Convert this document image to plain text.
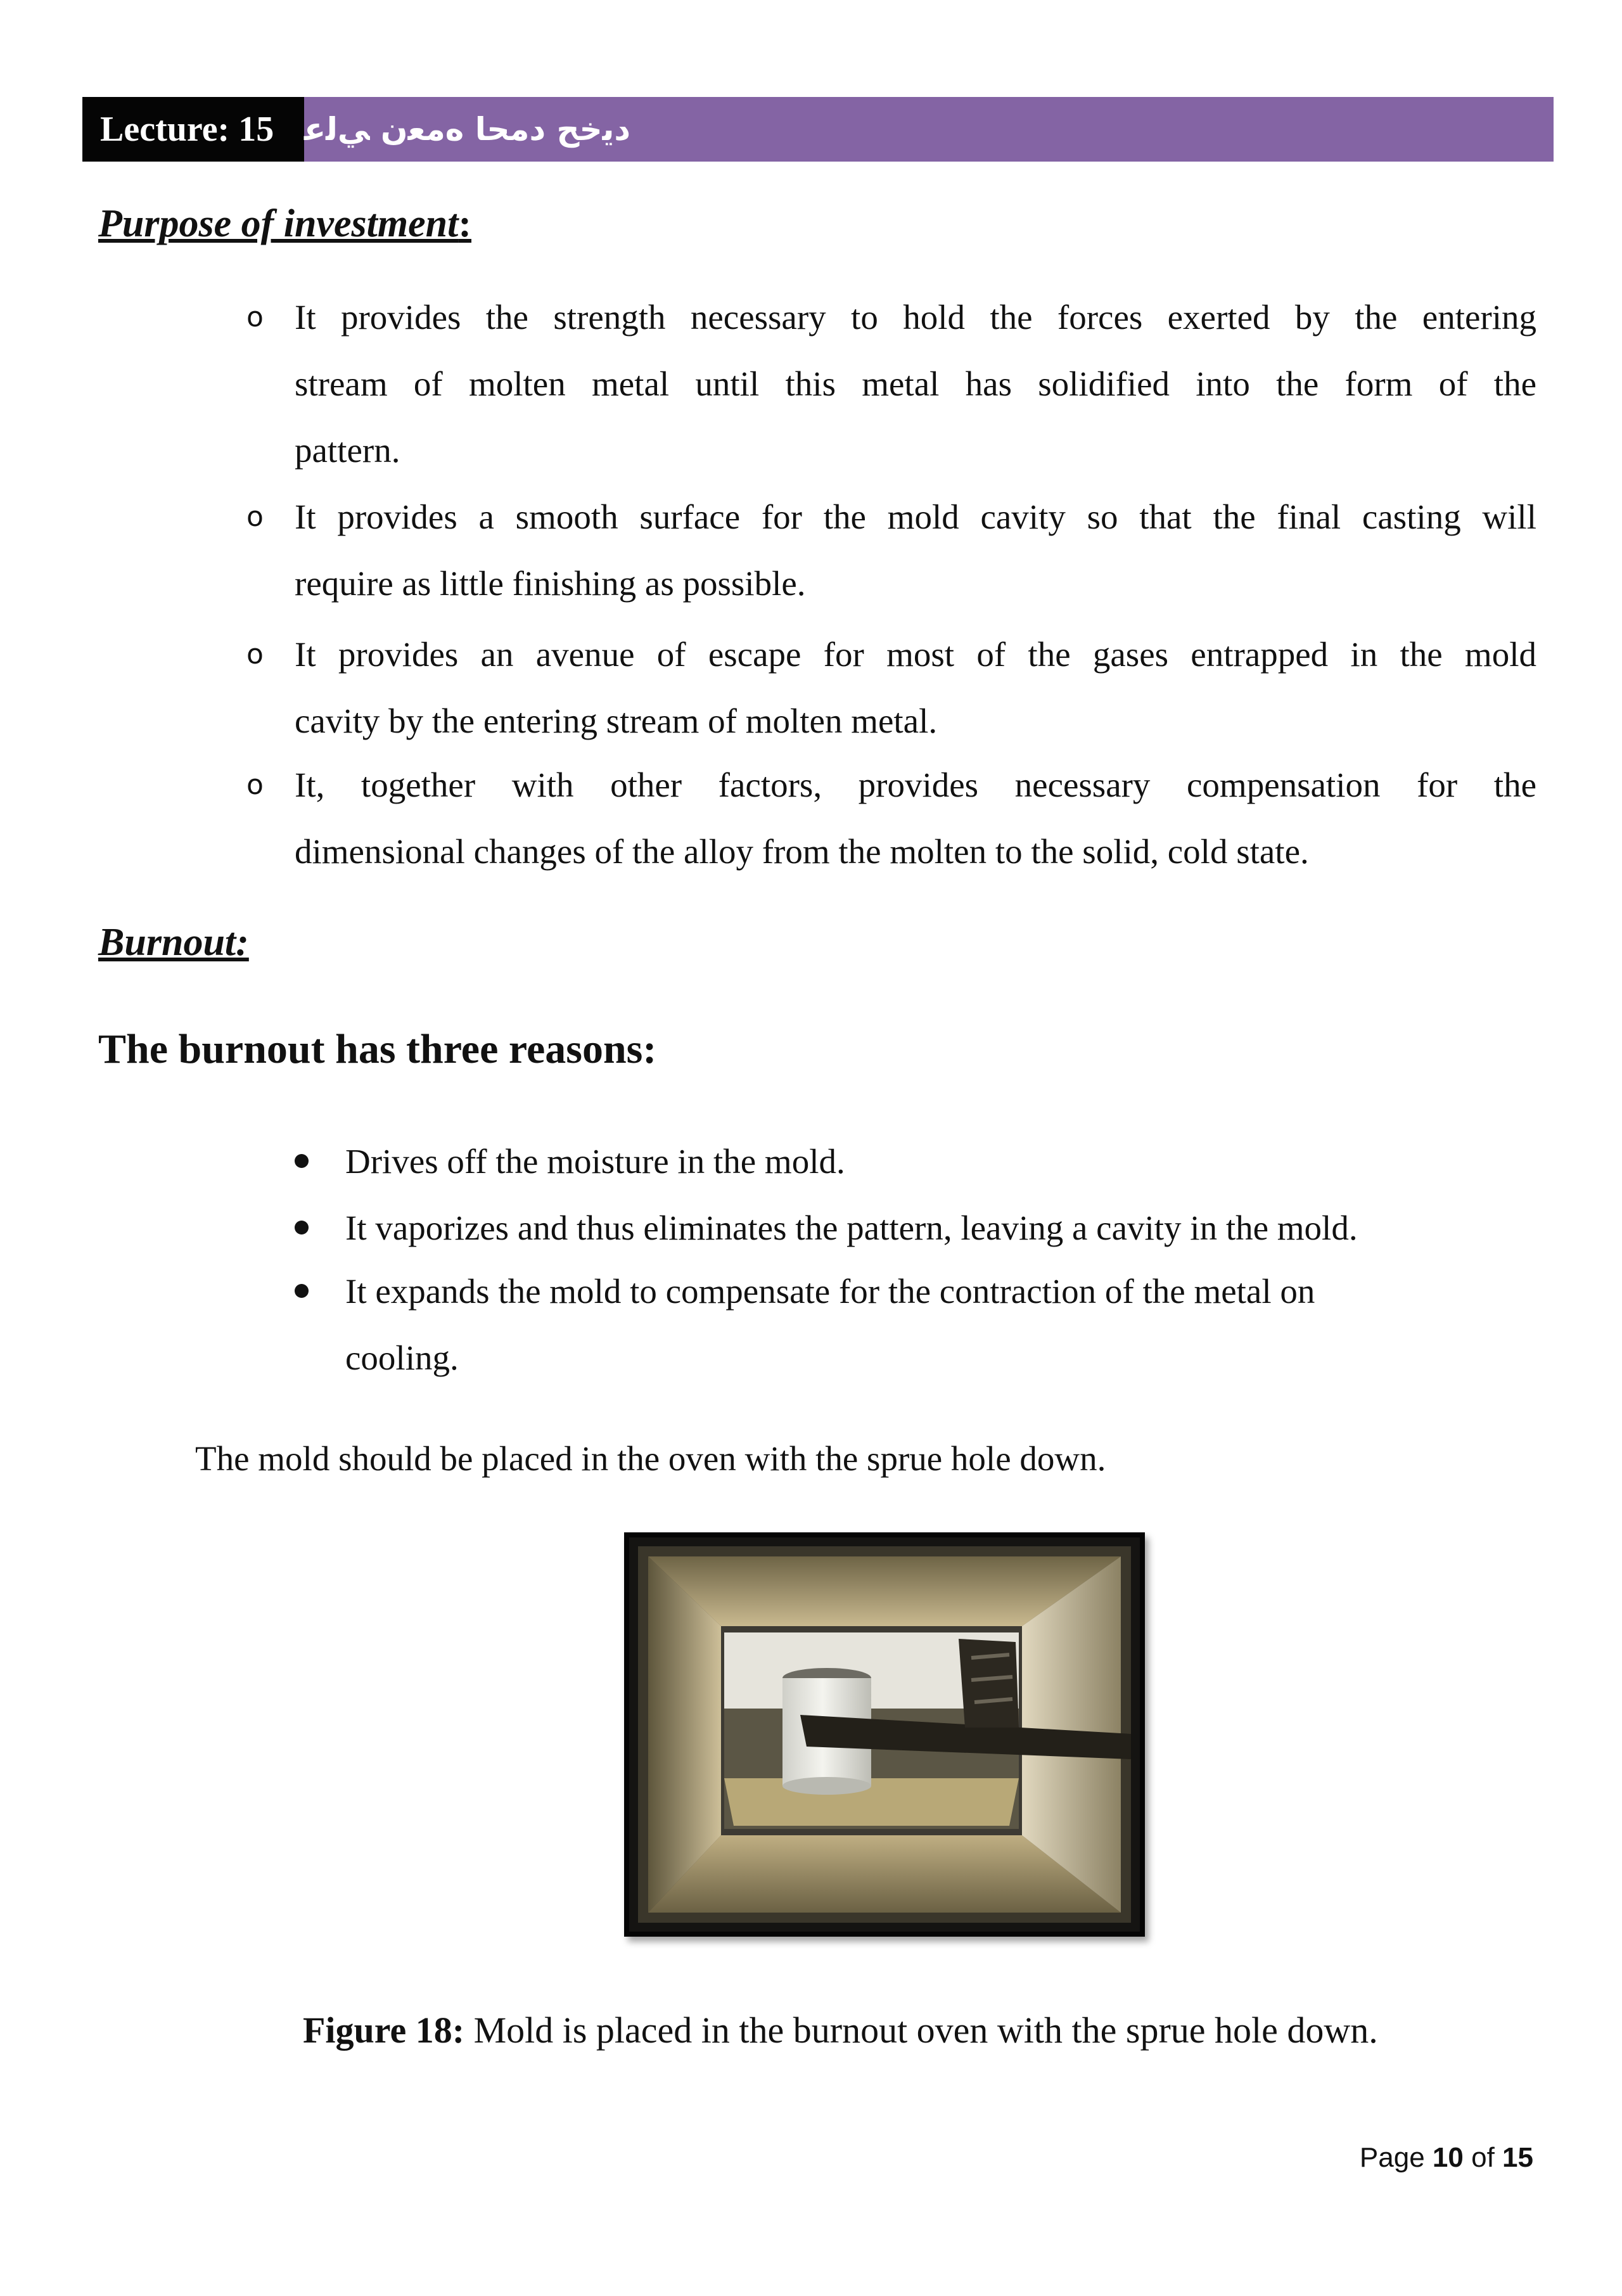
Lecture: 15 دﯾﺧﺢ دمحا هﻣﻌن ﻲﻟﻋ
Purpose of investment:
o It provides the strength necessary to hold the forces exerted by the entering
stream of molten metal until this metal has solidified into the form of the
pattern.
o It provides a smooth surface for the mold cavity so that the final casting will
require as little finishing as possible.
o It provides an avenue of escape for most of the gases entrapped in the mold
cavity by the entering stream of molten metal.
o It, together with other factors, provides necessary compensation for the
dimensional changes of the alloy from the molten to the solid, cold state.
Burnout:
The burnout has three reasons:
Drives off the moisture in the mold.
It vaporizes and thus eliminates the pattern, leaving a cavity in the mold.
It expands the mold to compensate for the contraction of the metal on
cooling.
The mold should be placed in the oven with the sprue hole down.
Figure 18: Mold is placed in the burnout oven with the sprue hole down.
Page 10 of 15
